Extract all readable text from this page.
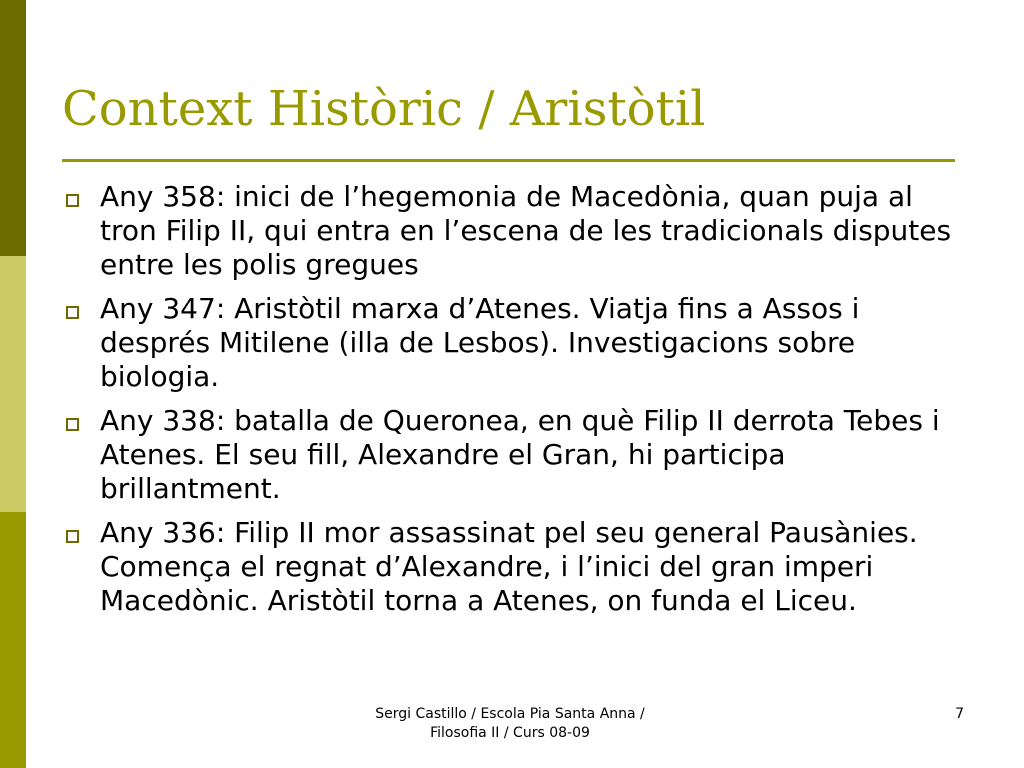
Context Històric / Aristòtil
Any 358: inici de l’hegemonia de Macedònia, quan puja al tron Filip II, qui entra en l’escena de les tradicionals disputes entre les polis gregues
Any 347: Aristòtil marxa d’Atenes. Viatja fins a Assos i després Mitilene (illa de Lesbos). Investigacions sobre biologia.
Any 338: batalla de Queronea, en què Filip II derrota Tebes i Atenes. El seu fill, Alexandre el Gran, hi participa brillantment.
Any 336: Filip II mor assassinat pel seu general Pausànies. Comença el regnat d’Alexandre, i l’inici del gran imperi Macedònic. Aristòtil torna a Atenes, on funda el Liceu.
Sergi Castillo / Escola Pia Santa Anna /
Filosofia II / Curs 08-09
7
